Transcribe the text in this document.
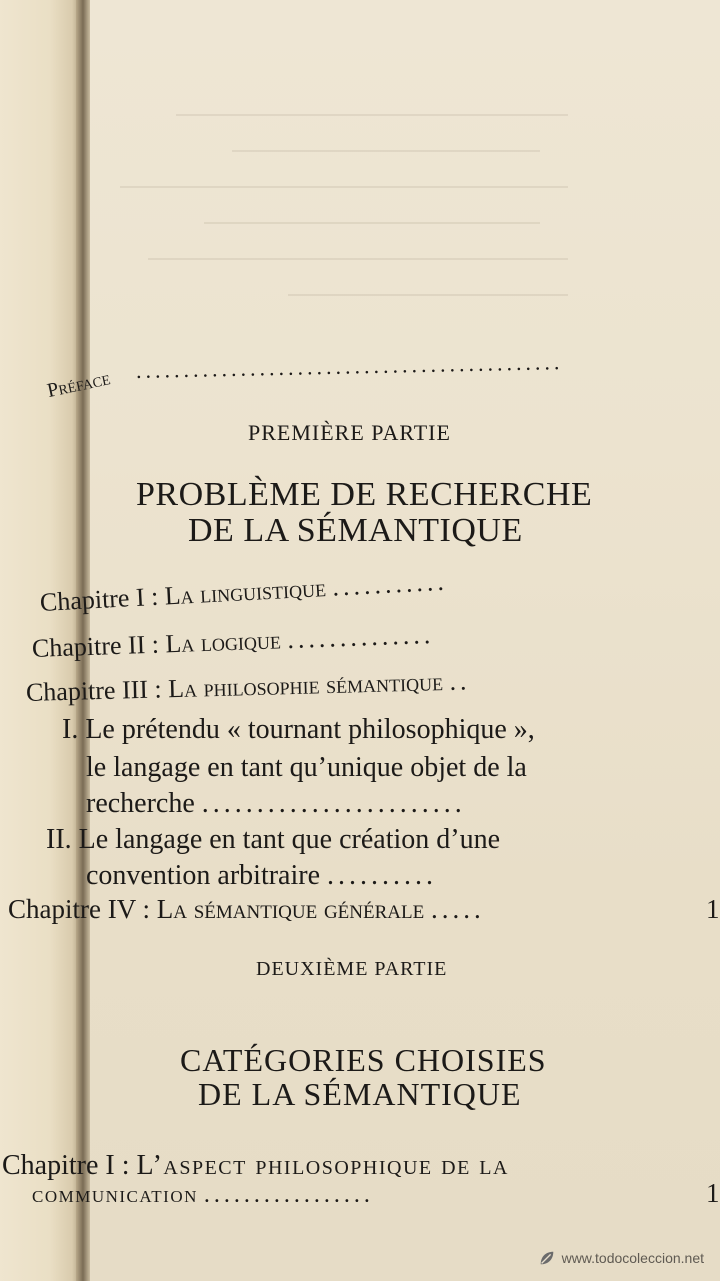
Préface
.............................................
PREMIÈRE PARTIE
PROBLÈME DE RECHERCHE
DE LA SÉMANTIQUE
Chapitre I : La linguistique ...........
Chapitre II : La logique ..............
Chapitre III : La philosophie sémantique ..
I. Le prétendu « tournant philosophique »,
le langage en tant qu’unique objet de la
recherche ........................
II. Le langage en tant que création d’une
convention arbitraire ..........
Chapitre IV : La sémantique générale .....	1
DEUXIÈME PARTIE
CATÉGORIES CHOISIES
DE LA SÉMANTIQUE
Chapitre I : L’aspect philosophique de la
communication .................	1
www.todocoleccion.net
